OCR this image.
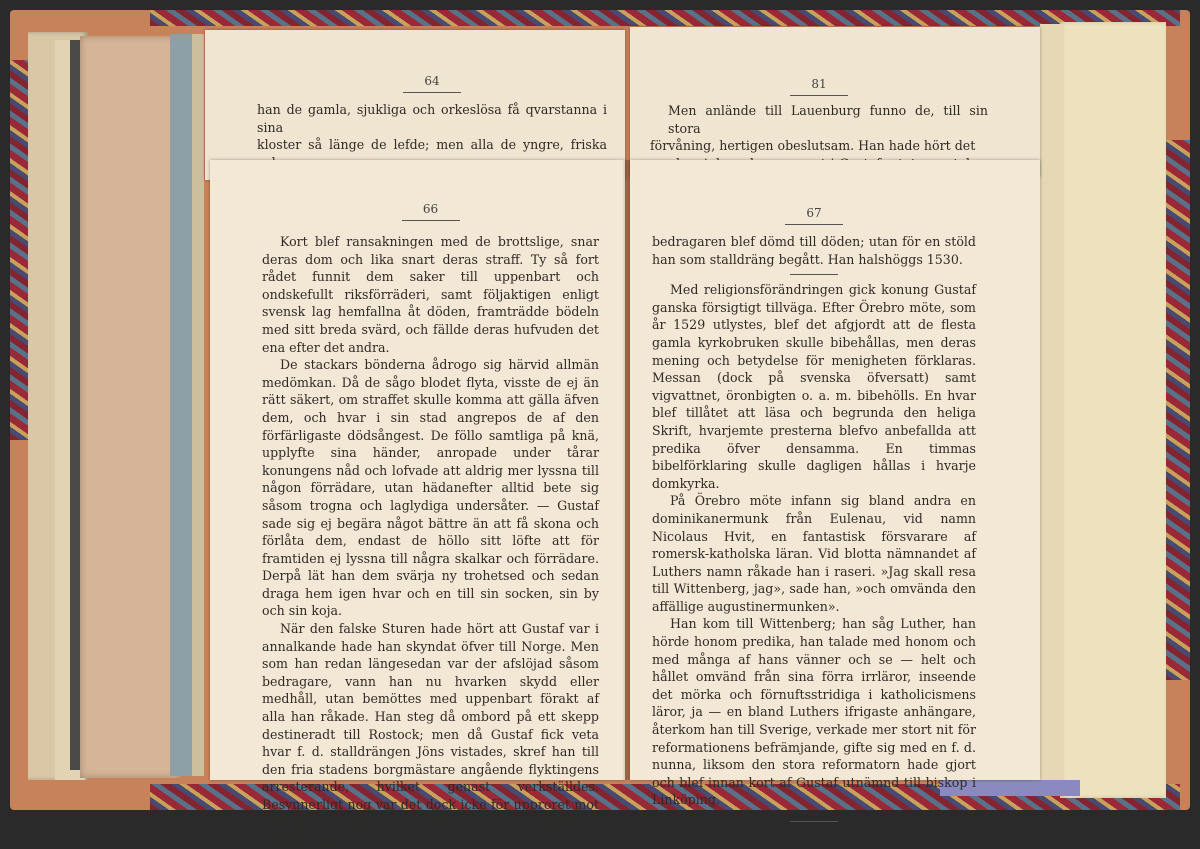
64
han de gamla, sjukliga och orkeslösa få qvarstanna i sina
kloster så länge de lefde; men alla de yngre, friska
81
Men anlände till Lauenburg funno de, till sin stora
förvåning, hertigen obeslutsam. Han hade hört det
66

Kort blef ransakningen med de brottslige, snar deras dom och lika snart deras straff. Ty så fort rådet funnit dem saker till uppenbart och ondskefullt riksförräderi, samt följaktigen enligt svensk lag hemfallna åt döden, framträdde bödeln med sitt breda svärd, och fällde deras hufvuden det ena efter det andra.

De stackars bönderna ådrogo sig härvid allmän medömkan. Då de sågo blodet flyta, visste de ej än rätt säkert, om straffet skulle komma att gälla äfven dem, och hvar i sin stad angrepos de af den förfärligaste dödsångest. De föllo samtliga på knä, upplyfte sina händer, anropade under tårar konungens nåd och lofvade att aldrig mer lyssna till någon förrädare, utan hädanefter alltid bete sig såsom trogna och laglydiga undersåter. — Gustaf sade sig ej begära något bättre än att få skona och förlåta dem, endast de höllo sitt löfte att för framtiden ej lyssna till några skalkar och förrädare. Derpå lät han dem svärja ny trohetsed och sedan draga hem igen hvar och en till sin socken, sin by och sin koja.

När den falske Sturen hade hört att Gustaf var i annalkande hade han skyndat öfver till Norge. Men som han redan längesedan var der afslöjad såsom bedragare, vann han nu hvarken skydd eller medhåll, utan bemöttes med uppenbart förakt af alla han råkade. Han steg då ombord på ett skepp destineradt till Rostock; men då Gustaf fick veta hvar f. d. stalldrängen Jöns vistades, skref han till den fria stadens borgmästare angående flyktingens arresterande, hvilket genast verkställdes. Besynnerligt nog var det dock icke för upproret mot Sveriges konung och all den oreda han derigenom tillställt, som

67
bedragaren blef dömd till döden; utan för en stöld han som stalldräng begått. Han halshöggs 1530.

Med religionsförändringen gick konung Gustaf ganska försigtigt tillväga. Efter Örebro möte, som år 1529 utlystes, blef det afgjordt att de flesta gamla kyrkobruken skulle bibehållas, men deras mening och betydelse för menigheten förklaras. Messan (dock på svenska öfversatt) samt vigvattnet, öronbigten o. a. m. bibehölls. En hvar blef tillåtet att läsa och begrunda den heliga Skrift, hvarjemte presterna blefvo anbefallda att predika öfver densamma. En timmas bibelförklaring skulle dagligen hållas i hvarje domkyrka.

På Örebro möte infann sig bland andra en dominikanermunk från Eulenau, vid namn Nicolaus Hvit, en fantastisk försvarare af romersk-katholska läran. Vid blotta nämnandet af Luthers namn råkade han i raseri. »Jag skall resa till Wittenberg, jag», sade han, »och omvända den affällige augustinermunken».

Han kom till Wittenberg; han såg Luther, han hörde honom predika, han talade med honom och med många af hans vänner och se — helt och hållet omvänd från sina förra irrläror, inseende det mörka och förnuftsstridiga i katholicismens läror, ja — en bland Luthers ifrigaste anhängare, återkom han till Sverige, verkade mer stort nit för reformationens befrämjande, gifte sig med en f. d. nunna, liksom den stora reformatorn hade gjort och blef innan kort af Gustaf utnämnd till biskop i Linköping.
